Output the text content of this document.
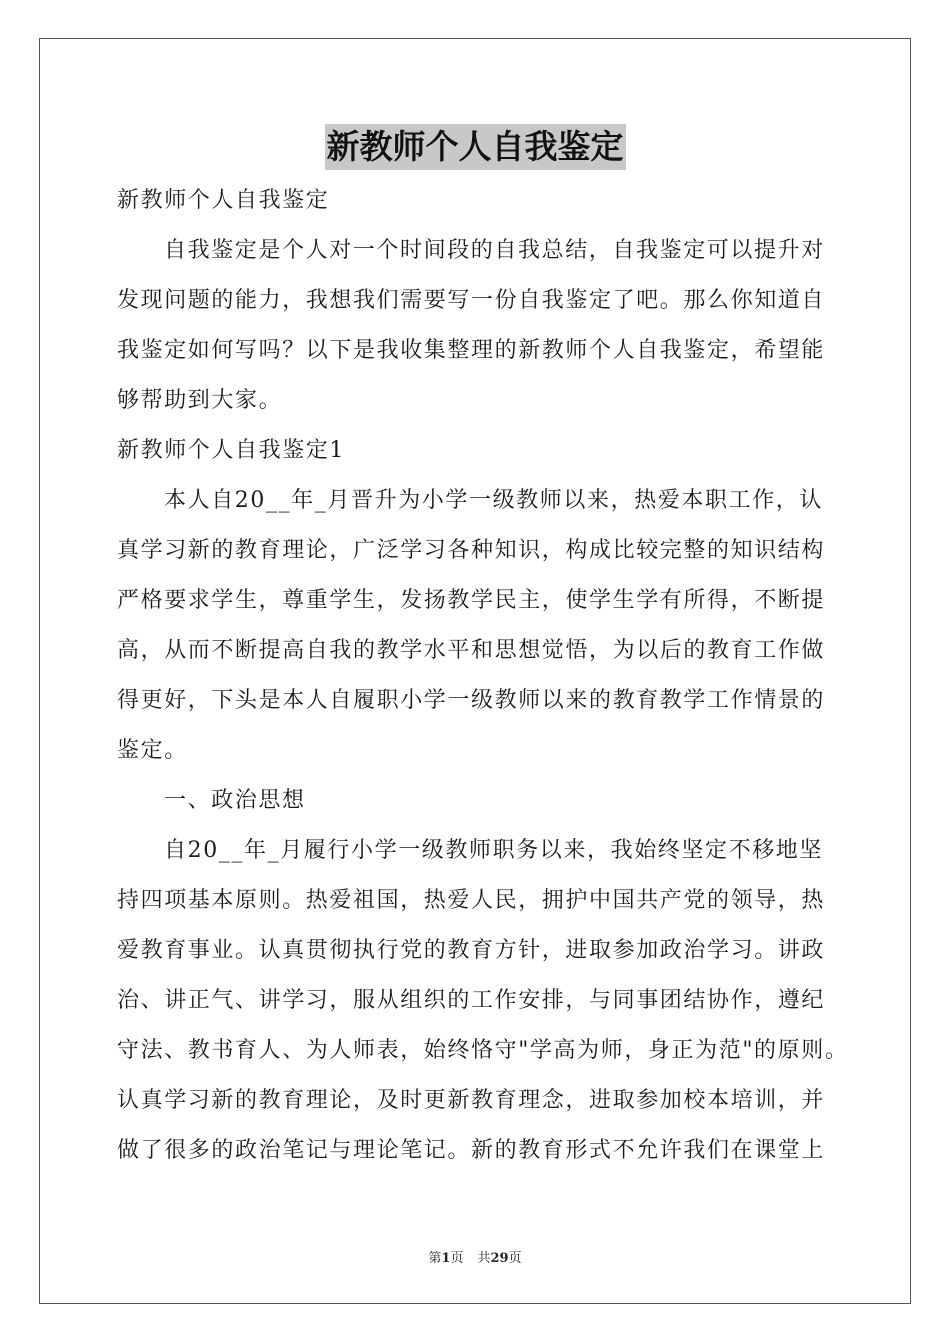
新教师个人自我鉴定
新教师个人自我鉴定
自我鉴定是个人对一个时间段的自我总结，自我鉴定可以提升对
发现问题的能力，我想我们需要写一份自我鉴定了吧。那么你知道自
我鉴定如何写吗？以下是我收集整理的新教师个人自我鉴定，希望能
够帮助到大家。
新教师个人自我鉴定1
本人自20__年_月晋升为小学一级教师以来，热爱本职工作，认
真学习新的教育理论，广泛学习各种知识，构成比较完整的知识结构
严格要求学生，尊重学生，发扬教学民主，使学生学有所得，不断提
高，从而不断提高自我的教学水平和思想觉悟，为以后的教育工作做
得更好，下头是本人自履职小学一级教师以来的教育教学工作情景的
鉴定。
一、政治思想
自20__年_月履行小学一级教师职务以来，我始终坚定不移地坚
持四项基本原则。热爱祖国，热爱人民，拥护中国共产党的领导，热
爱教育事业。认真贯彻执行党的教育方针，进取参加政治学习。讲政
治、讲正气、讲学习，服从组织的工作安排，与同事团结协作，遵纪
守法、教书育人、为人师表，始终恪守"学高为师，身正为范"的原则。
认真学习新的教育理论，及时更新教育理念，进取参加校本培训，并
做了很多的政治笔记与理论笔记。新的教育形式不允许我们在课堂上
第1页 共29页
